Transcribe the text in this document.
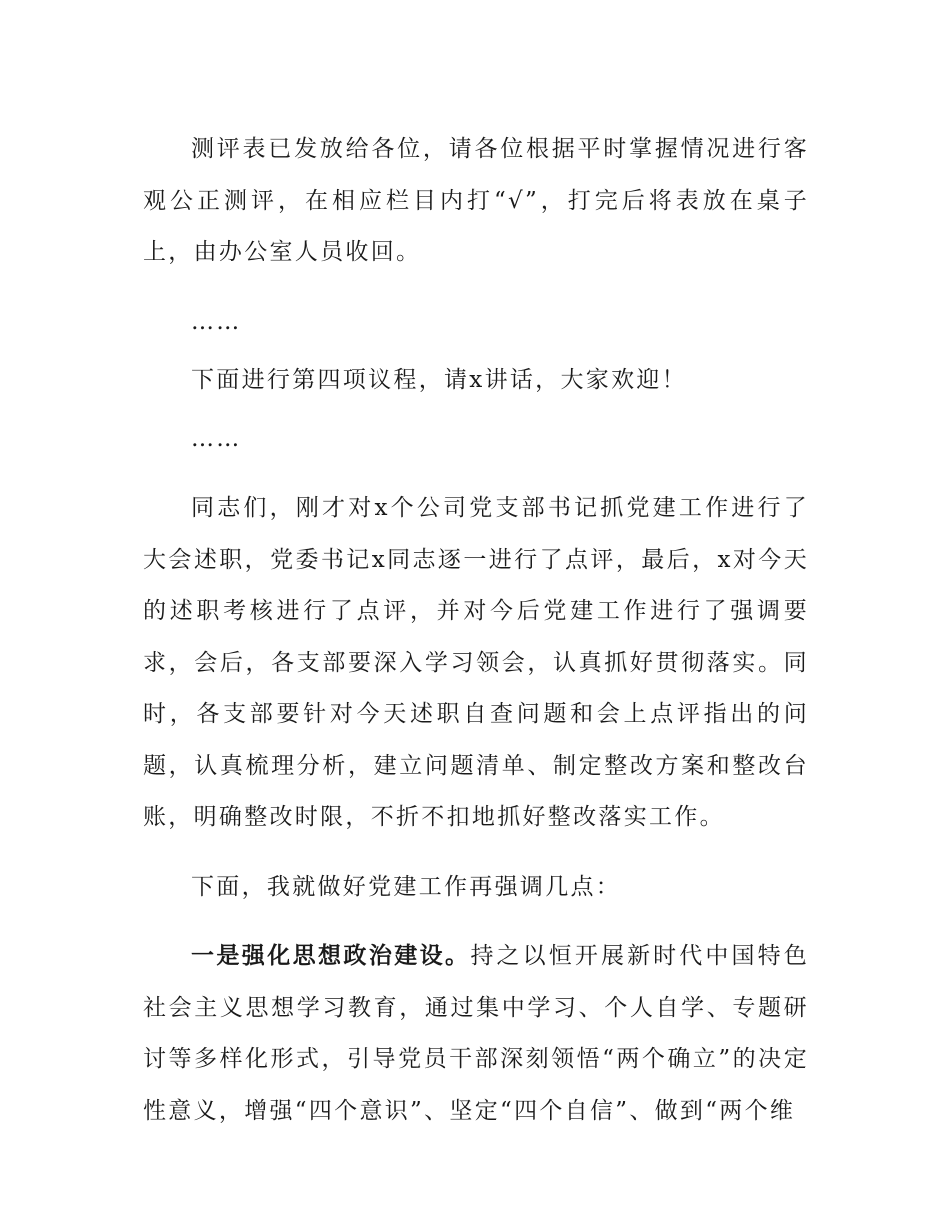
测评表已发放给各位，请各位根据平时掌握情况进行客观公正测评，在相应栏目内打“√”，打完后将表放在桌子上，由办公室人员收回。

……

下面进行第四项议程，请x讲话，大家欢迎！

……

同志们，刚才对x个公司党支部书记抓党建工作进行了大会述职，党委书记x同志逐一进行了点评，最后，x对今天的述职考核进行了点评，并对今后党建工作进行了强调要求，会后，各支部要深入学习领会，认真抓好贯彻落实。同时，各支部要针对今天述职自查问题和会上点评指出的问题，认真梳理分析，建立问题清单、制定整改方案和整改台账，明确整改时限，不折不扣地抓好整改落实工作。

下面，我就做好党建工作再强调几点：

一是强化思想政治建设。持之以恒开展新时代中国特色社会主义思想学习教育，通过集中学习、个人自学、专题研讨等多样化形式，引导党员干部深刻领悟“两个确立”的决定性意义，增强“四个意识”、坚定“四个自信”、做到“两个维
